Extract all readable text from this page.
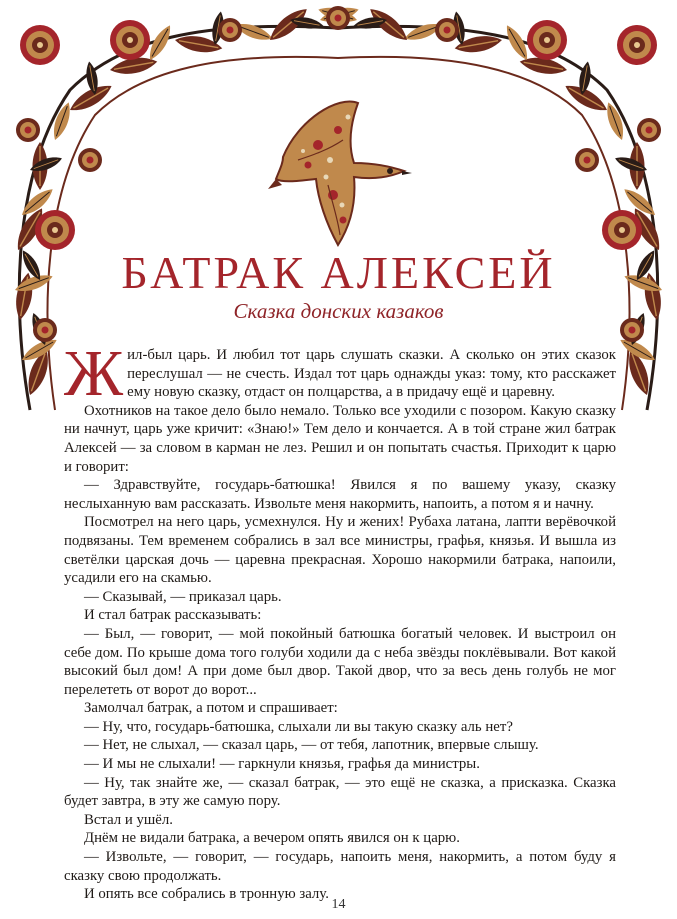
БАТРАК АЛЕКСЕЙ
Сказка донских казаков

Жил-был царь. И любил тот царь слушать сказки. А сколько он этих сказок переслушал — не счесть. Издал тот царь однажды указ: тому, кто расскажет ему новую сказку, отдаст он полцарства, а в придачу ещё и царевну.

Охотников на такое дело было немало. Только все уходили с позором. Какую сказку ни начнут, царь уже кричит: «Знаю!» Тем дело и кончается. А в той стране жил батрак Алексей — за словом в карман не лез. Решил и он попытать счастья. Приходит к царю и говорит:

— Здравствуйте, государь-батюшка! Явился я по вашему указу, сказку неслыханную вам рассказать. Извольте меня накормить, напоить, а потом я и начну.

Посмотрел на него царь, усмехнулся. Ну и жених! Рубаха латана, лапти верёвочкой подвязаны. Тем временем собрались в зал все министры, графья, князья. И вышла из светёлки царская дочь — царевна прекрасная. Хорошо накормили батрака, напоили, усадили его на скамью.

— Сказывай, — приказал царь.

И стал батрак рассказывать:

— Был, — говорит, — мой покойный батюшка богатый человек. И выстроил он себе дом. По крыше дома того голуби ходили да с неба звёзды поклёвывали. Вот какой высокий был дом! А при доме был двор. Такой двор, что за весь день голубь не мог перелететь от ворот до ворот...

Замолчал батрак, а потом и спрашивает:

— Ну, что, государь-батюшка, слыхали ли вы такую сказку аль нет?

— Нет, не слыхал, — сказал царь, — от тебя, лапотник, впервые слышу.

— И мы не слыхали! — гаркнули князья, графья да министры.

— Ну, так знайте же, — сказал батрак, — это ещё не сказка, а присказка. Сказка будет завтра, в эту же самую пору.

Встал и ушёл.

Днём не видали батрака, а вечером опять явился он к царю.

— Извольте, — говорит, — государь, напоить меня, накормить, а потом буду я сказку свою продолжать.

И опять все собрались в тронную залу.

14
